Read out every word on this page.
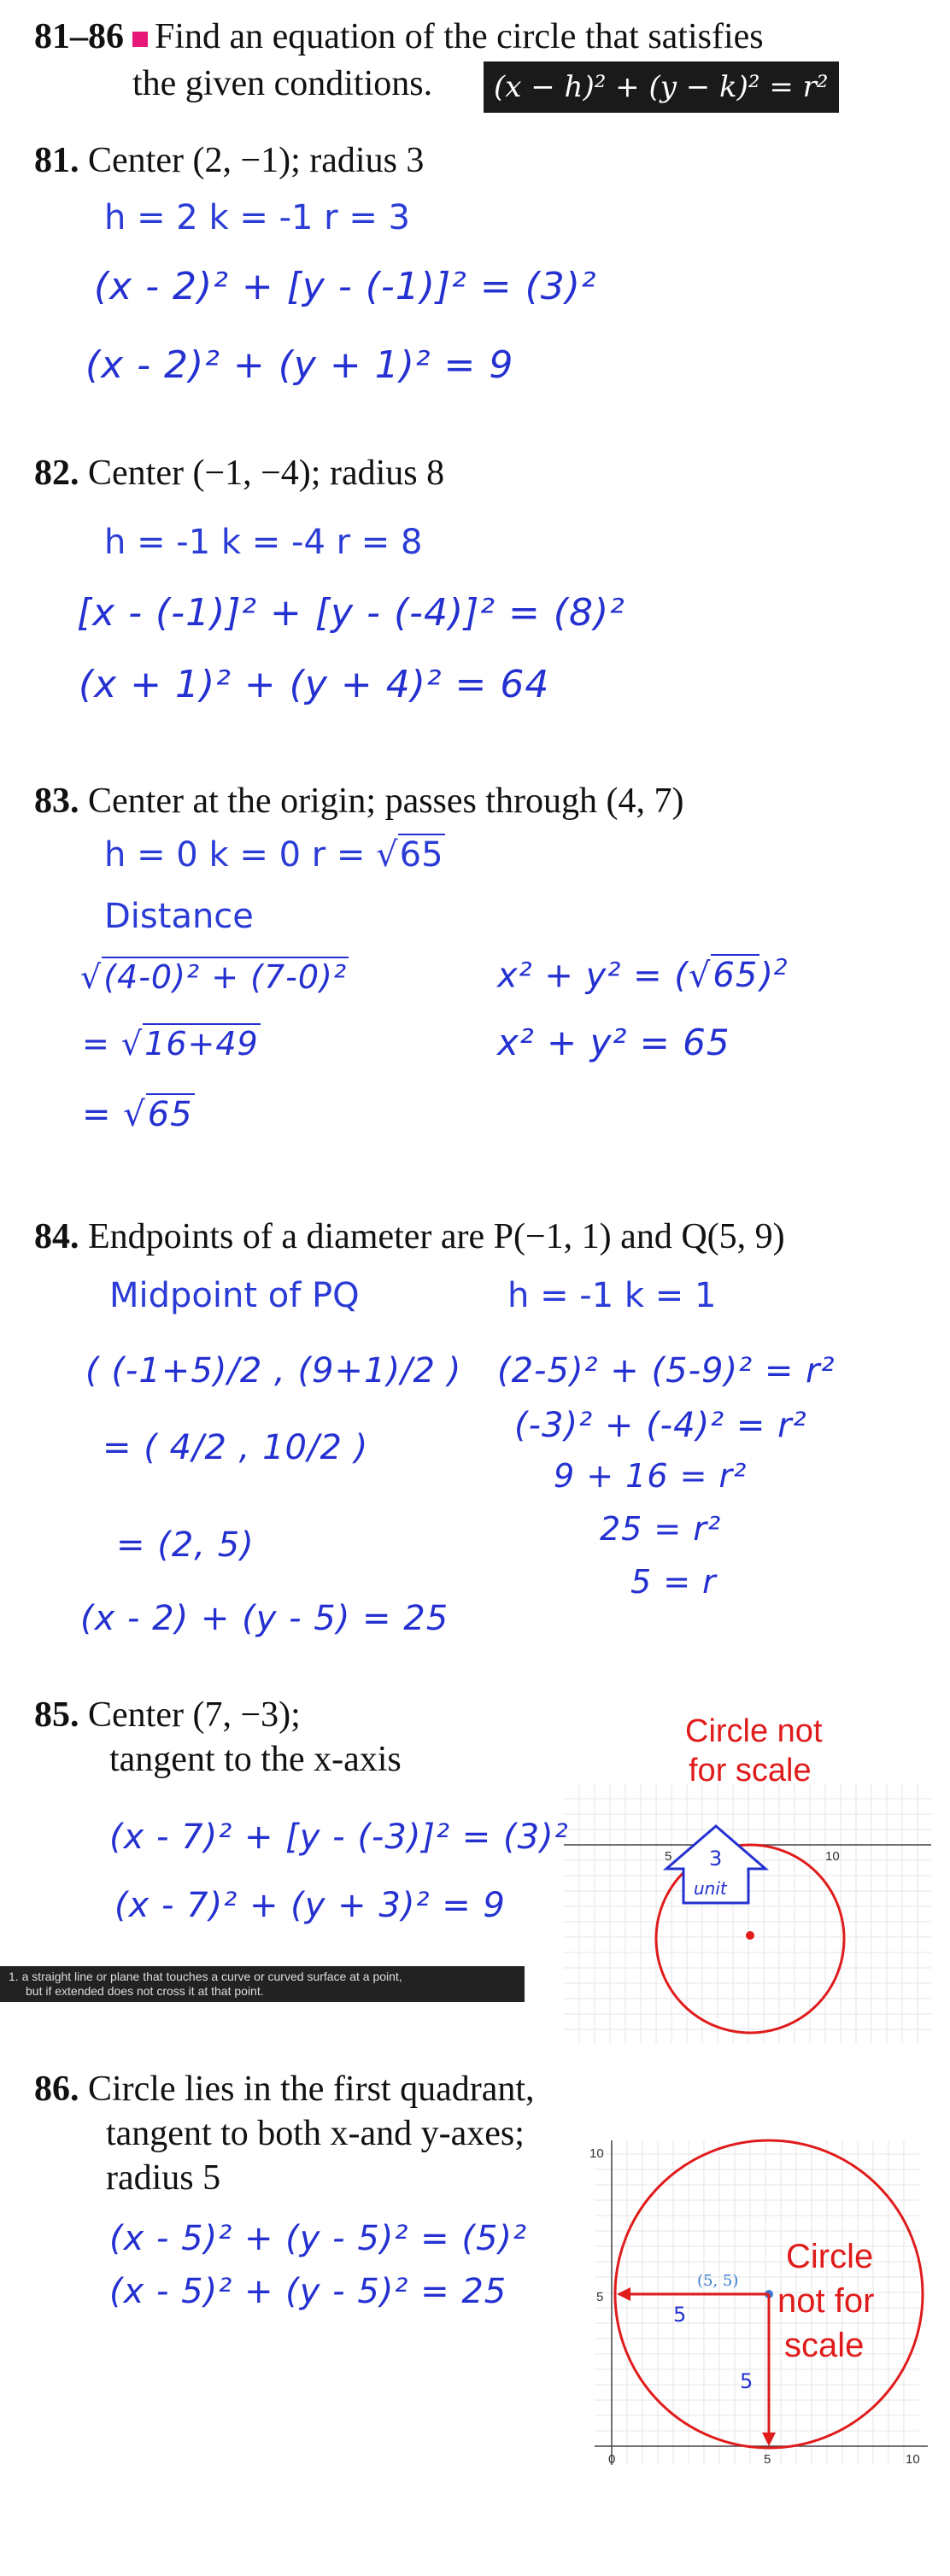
81–86 Find an equation of the circle that satisfies
the given conditions.	(x − h)² + (y − k)² = r²
81. Center (2, −1); radius 3
h = 2 k = -1 r = 3
(x - 2)² + [y - (-1)]² = (3)²
(x - 2)² + (y + 1)² = 9
82. Center (−1, −4); radius 8
h = -1 k = -4 r = 8
[x - (-1)]² + [y - (-4)]² = (8)²
(x + 1)² + (y + 4)² = 64
83. Center at the origin; passes through (4, 7)
h = 0 k = 0 r = √65
Distance
√(4-0)² + (7-0)²
= √16+49
= √65
$x^2 + y^2 = (√65)^2$
x² + y² = 65
84. Endpoints of a diameter are P(−1, 1) and Q(5, 9)
Midpoint of PQ	h = -1 k = 1
( (-1+5)/2 , (9+1)/2 )
= ( 4/2 , 10/2 )
= (2, 5)
(x - 2) + (y - 5) = 25
(2-5)² + (5-9)² = r²
(-3)² + (-4)² = r²
9 + 16 = r²
25 = r²
5 = r
85. Center (7, −3);
tangent to the x-axis
(x - 7)² + [y - (-3)]² = (3)²
(x - 7)² + (y + 3)² = 9
1. a straight line or plane that touches a curve or curved surface at a point,
but if extended does not cross it at that point.
5	10
3
unit
Circle not
for scale
86. Circle lies in the first quadrant,
tangent to both x-and y-axes;
radius 5
(x - 5)² + (y - 5)² = (5)²
(x - 5)² + (y - 5)² = 25
10
5
0	5	10
(5, 5)
5
5
Circle
not for
scale
